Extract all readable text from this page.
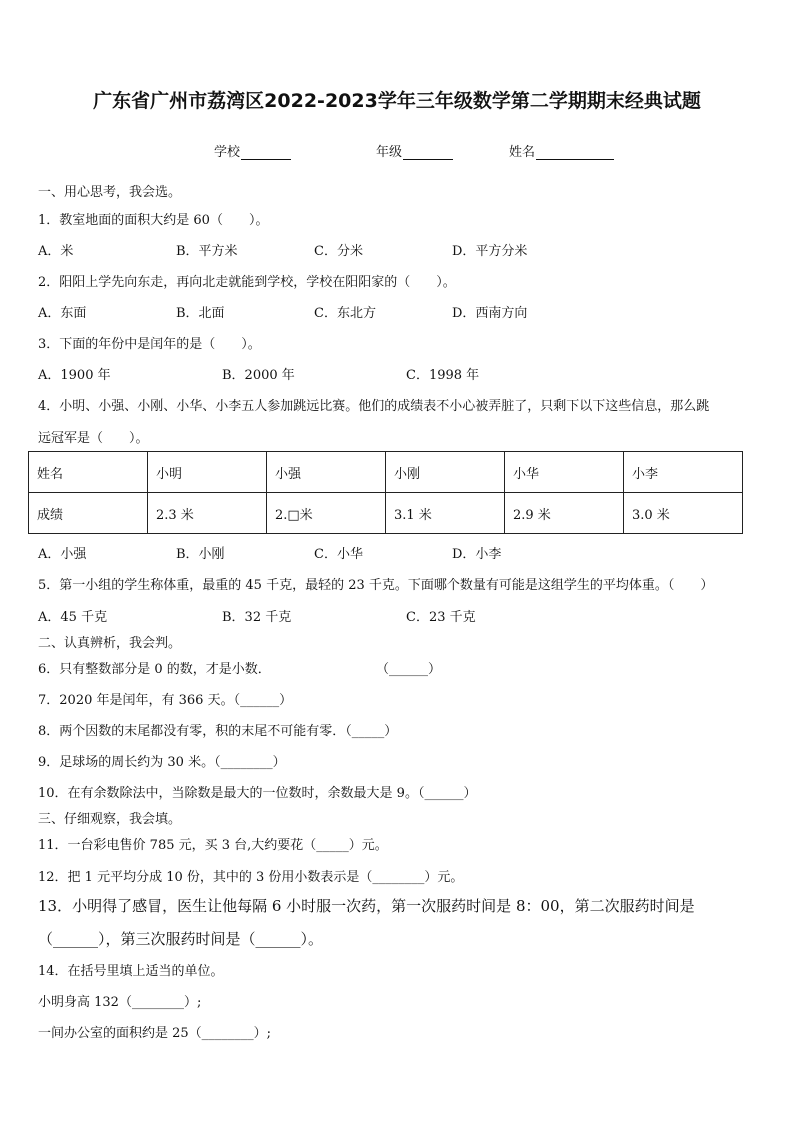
广东省广州市荔湾区2022-2023学年三年级数学第二学期期末经典试题
学校	年级	姓名
一、用心思考，我会选。
1．教室地面的面积大约是 60（　　）。
A．米	B．平方米	C．分米	D．平方分米
2．阳阳上学先向东走，再向北走就能到学校，学校在阳阳家的（　　）。
A．东面	B．北面	C．东北方	D．西南方向
3．下面的年份中是闰年的是（　　）。
A．1900 年	B．2000 年	C．1998 年
4．小明、小强、小刚、小华、小李五人参加跳远比赛。他们的成绩表不小心被弄脏了，只剩下以下这些信息，那么跳
远冠军是（　　）。
姓名	小明	小强	小刚	小华	小李
成绩	2.3 米	2.□米	3.1 米	2.9 米	3.0 米
A．小强	B．小刚	C．小华	D．小李
5．第一小组的学生称体重，最重的 45 千克，最轻的 23 千克。下面哪个数量有可能是这组学生的平均体重。（　　）
A．45 千克	B．32 千克	C．23 千克
二、认真辨析，我会判。
6．只有整数部分是 0 的数，才是小数．	（______）
7．2020 年是闰年，有 366 天。（______）
8．两个因数的末尾都没有零，积的末尾不可能有零．（_____）
9．足球场的周长约为 30 米。（________）
10．在有余数除法中，当除数是最大的一位数时，余数最大是 9。（______）
三、仔细观察，我会填。
11．一台彩电售价 785 元，买 3 台,大约要花（_____）元。
12．把 1 元平均分成 10 份，其中的 3 份用小数表示是（________）元。
13．小明得了感冒，医生让他每隔 6 小时服一次药，第一次服药时间是 8：00，第二次服药时间是
（______），第三次服药时间是（______）。
14．在括号里填上适当的单位。
小明身高 132（________）;
一间办公室的面积约是 25（________）;
